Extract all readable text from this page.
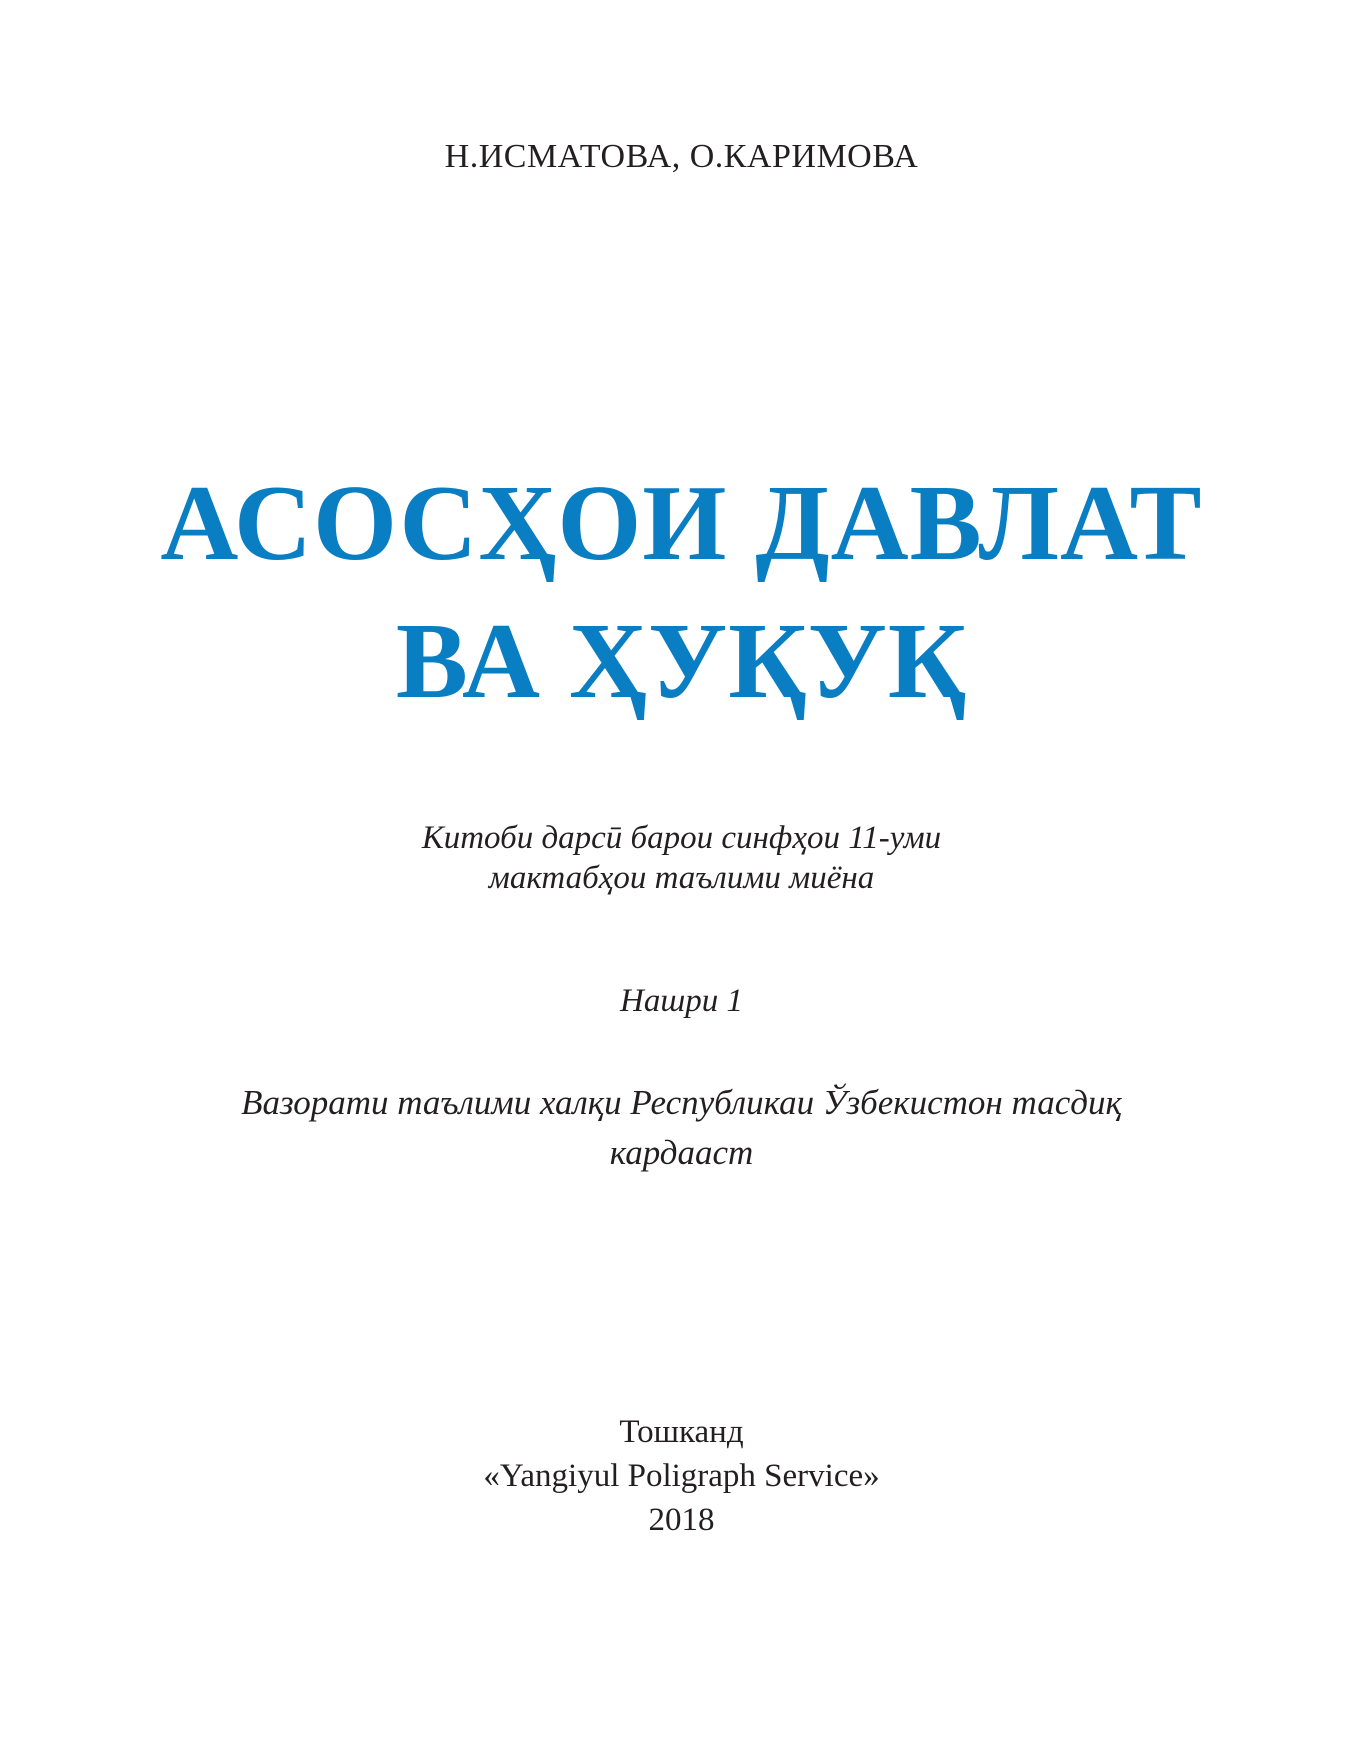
Н.ИСМАТОВА, О.КАРИМОВА
АСОСҲОИ ДАВЛАТ
ВА ҲУҚУҚ
Китоби дарсӣ барои синфҳои 11-уми
мактабҳои таълими миёна
Нашри 1
Вазорати таълими халқи Республикаи Ўзбекистон тасдиқ
кардааст
Тошканд
«Yangiyul Poligraph Service»
2018
